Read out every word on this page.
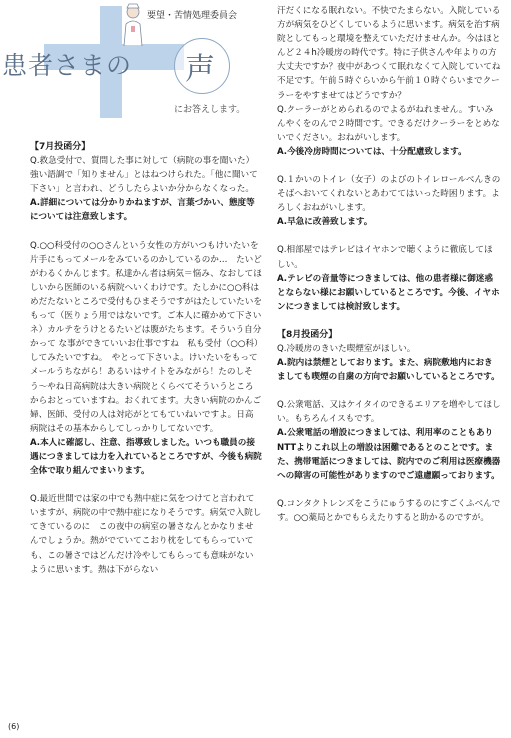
要望・苦情処理委員会
患者さまの 声
にお答えします。

【7月投函分】

Q.救急受付で、質問した事に対して（病院の事を聞いた）強い語調で「知りません」とはねつけられた。「他に聞いて下さい」と言われ、どうしたらよいか分からなくなった。

A.詳細については分かりかねますが、言葉づかい、態度等については注意致します。

Q.○○科受付の○○さんという女性の方がいつもけいたいを片手にもってメールをみているのかしているのか…　たいどがわるくかんじます。私達かん者は病気＝悩み、なおしてほしいから医師のいる病院へいくわけです。たしかに○○科はめだたないところで受付もひまそうですがはたしていたいをもって（医りょう用ではないです。ご本人に確かめて下さいネ）カルテをうけとるたいどは腹がたちます。そういう自分かって な事ができていいお仕事ですね　私も受付（○○科）してみたいですね。　やとって下さいよ。けいたいをもってメールうちながら！あるいはサイトをみながら！たのしそう〜やね日高病院は大きい病院とくらべてそういうところからおとっていますね。おくれてます。大きい病院のかんご婦、医師、受付の人は対応がとてもていねいですよ。日高病院はその基本からしてしっかりしてないです。

A.本人に確認し、注意、指導致しました。いつも職員の接遇につきましては力を入れているところですが、今後も病院全体で取り組んでまいります。

Q.最近世間では家の中でも熱中症に気をつけてと言われていますが、病院の中で熱中症になりそうです。病気で入院してきているのに　この夜中の病室の暑さなんとかなりませんでしょうか。熱がでていてこおり枕をしてもらっていても、この暑さではどんだけ冷やしてもらっても意味がないように思います。熱は下がらない

汗だくになる眠れない。不快でたまらない。入院している方が病気をひどくしているように思います。病気を治す病院としてもっと環境を整えていただけませんか。今はほとんど２４h冷暖房の時代です。特に子供さんや年よりの方大丈夫ですか？夜中があつくて眠れなくて入院していてね不足です。午前５時ぐらいから午前１０時ぐらいまでクーラーをやすませてはどうですか？

Q.クーラーがとめられるのでよるがねれません。すいみんやくをのんで２時間です。できるだけクーラーをとめないでください。おねがいします。

A.今後冷房時間については、十分配慮致します。

Q.１かいのトイレ（女子）のよびのトイレロールべんきのそばへおいてくれないとあわててはいった時困ります。よろしくおねがいします。

A.早急に改善致します。

Q.相部屋ではテレビはイヤホンで聴くように徹底してほしい。

A.テレビの音量等につきましては、他の患者様に御迷惑とならない様にお願いしているところです。今後、イヤホンにつきましては検討致します。

【8月投函分】

Q.冷暖房のきいた喫煙室がほしい。

A.院内は禁煙としております。また、病院敷地内におきましても喫煙の自粛の方向でお願いしているところです。

Q.公衆電話、又はケイタイのできるエリアを増やしてほしい。もちろんイスもです。

A.公衆電話の増設につきましては、利用率のこともありNTTよりこれ以上の増設は困難であるとのことです。また、携帯電話につきましては、院内でのご利用は医療機器への障害の可能性がありますのでご遠慮願っております。

Q.コンタクトレンズをこうにゅうするのにすごくふべんです。○○薬局とかでもらえたりすると助かるのですが。

(6)
